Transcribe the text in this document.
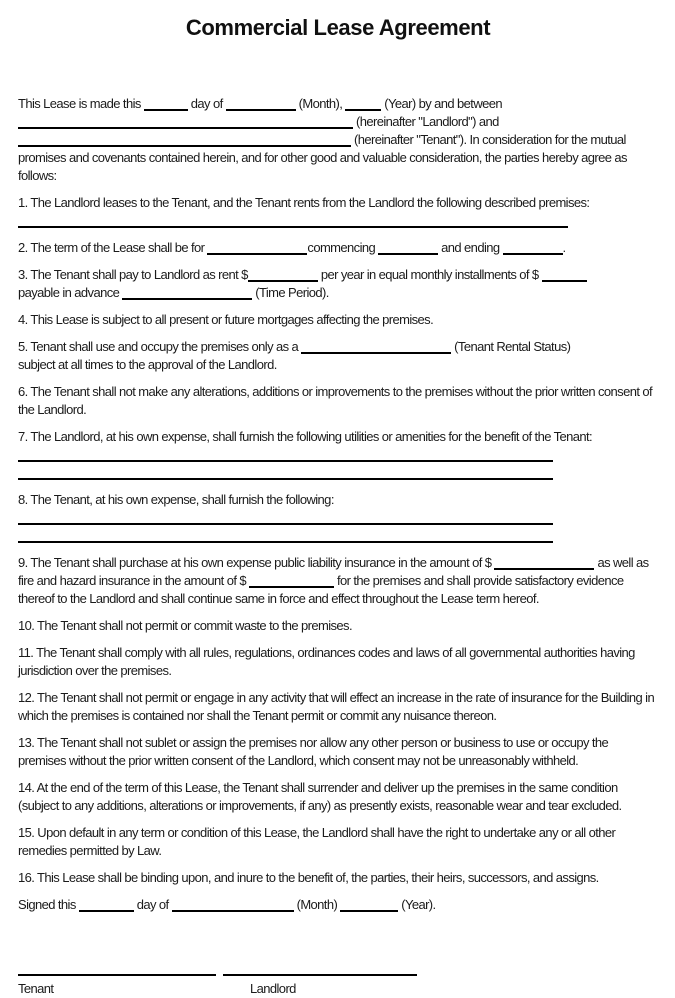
Commercial Lease Agreement

This Lease is made this	day of	(Month),	(Year) by and between
(hereinafter "Landlord") and
(hereinafter "Tenant"). In consideration for the mutual promises and covenants contained herein, and for other good and valuable consideration, the parties hereby agree as follows:

1. The Landlord leases to the Tenant, and the Tenant rents from the Landlord the following described premises:

2. The term of the Lease shall be for	commencing	and ending	.

3. The Tenant shall pay to Landlord as rent $	per year in equal monthly installments of $
payable in advance	(Time Period).

4. This Lease is subject to all present or future mortgages affecting the premises.

5. Tenant shall use and occupy the premises only as a	(Tenant Rental Status)
subject at all times to the approval of the Landlord.

6. The Tenant shall not make any alterations, additions or improvements to the premises without the prior written consent of the Landlord.

7. The Landlord, at his own expense, shall furnish the following utilities or amenities for the benefit of the Tenant:

8. The Tenant, at his own expense, shall furnish the following:

9. The Tenant shall purchase at his own expense public liability insurance in the amount of $	as well as fire and hazard insurance in the amount of $	for the premises and shall provide satisfactory evidence thereof to the Landlord and shall continue same in force and effect throughout the Lease term hereof.

10. The Tenant shall not permit or commit waste to the premises.

11. The Tenant shall comply with all rules, regulations, ordinances codes and laws of all governmental authorities having jurisdiction over the premises.

12. The Tenant shall not permit or engage in any activity that will effect an increase in the rate of insurance for the Building in which the premises is contained nor shall the Tenant permit or commit any nuisance thereon.

13. The Tenant shall not sublet or assign the premises nor allow any other person or business to use or occupy the premises without the prior written consent of the Landlord, which consent may not be unreasonably withheld.

14. At the end of the term of this Lease, the Tenant shall surrender and deliver up the premises in the same condition (subject to any additions, alterations or improvements, if any) as presently exists, reasonable wear and tear excluded.

15. Upon default in any term or condition of this Lease, the Landlord shall have the right to undertake any or all other remedies permitted by Law.

16. This Lease shall be binding upon, and inure to the benefit of, the parties, their heirs, successors, and assigns.

Signed this	day of	(Month)	(Year).

Tenant	Landlord
